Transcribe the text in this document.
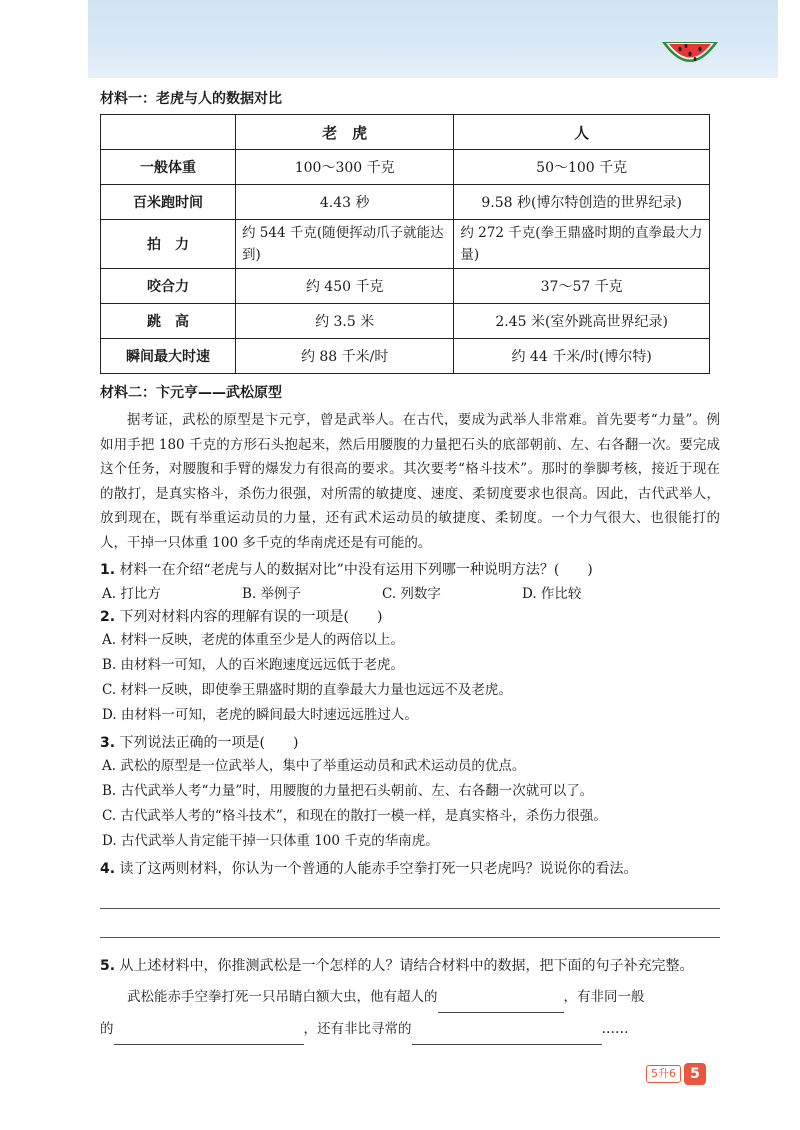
材料一：老虎与人的数据对比
	老　虎	人
一般体重	100～300 千克	50～100 千克
百米跑时间	4.43 秒	9.58 秒(博尔特创造的世界纪录)
拍　力	约 544 千克(随便挥动爪子就能达到)	约 272 千克(拳王鼎盛时期的直拳最大力量)
咬合力	约 450 千克	37～57 千克
跳　高	约 3.5 米	2.45 米(室外跳高世界纪录)
瞬间最大时速	约 88 千米/时	约 44 千米/时(博尔特)
材料二：卞元亨——武松原型

据考证，武松的原型是卞元亨，曾是武举人。在古代，要成为武举人非常难。首先要考“力量”。例如用手把 180 千克的方形石头抱起来，然后用腰腹的力量把石头的底部朝前、左、右各翻一次。要完成这个任务，对腰腹和手臂的爆发力有很高的要求。其次要考“格斗技术”。那时的拳脚考核，接近于现在的散打，是真实格斗，杀伤力很强，对所需的敏捷度、速度、柔韧度要求也很高。因此，古代武举人，放到现在，既有举重运动员的力量，还有武术运动员的敏捷度、柔韧度。一个力气很大、也很能打的人，干掉一只体重 100 多千克的华南虎还是有可能的。

1. 材料一在介绍“老虎与人的数据对比”中没有运用下列哪一种说明方法？(　　)
A. 打比方	B. 举例子	C. 列数字	D. 作比较
2. 下列对材料内容的理解有误的一项是(　　)
A. 材料一反映，老虎的体重至少是人的两倍以上。
B. 由材料一可知，人的百米跑速度远远低于老虎。
C. 材料一反映，即使拳王鼎盛时期的直拳最大力量也远远不及老虎。
D. 由材料一可知，老虎的瞬间最大时速远远胜过人。
3. 下列说法正确的一项是(　　)
A. 武松的原型是一位武举人，集中了举重运动员和武术运动员的优点。
B. 古代武举人考“力量”时，用腰腹的力量把石头朝前、左、右各翻一次就可以了。
C. 古代武举人考的“格斗技术”，和现在的散打一模一样，是真实格斗，杀伤力很强。
D. 古代武举人肯定能干掉一只体重 100 千克的华南虎。
4. 读了这两则材料，你认为一个普通的人能赤手空拳打死一只老虎吗？说说你的看法。
5. 从上述材料中，你推测武松是一个怎样的人？请结合材料中的数据，把下面的句子补充完整。
武松能赤手空拳打死一只吊睛白额大虫，他有超人的	，有非同一般
的	，还有非比寻常的	……
5升6	5
